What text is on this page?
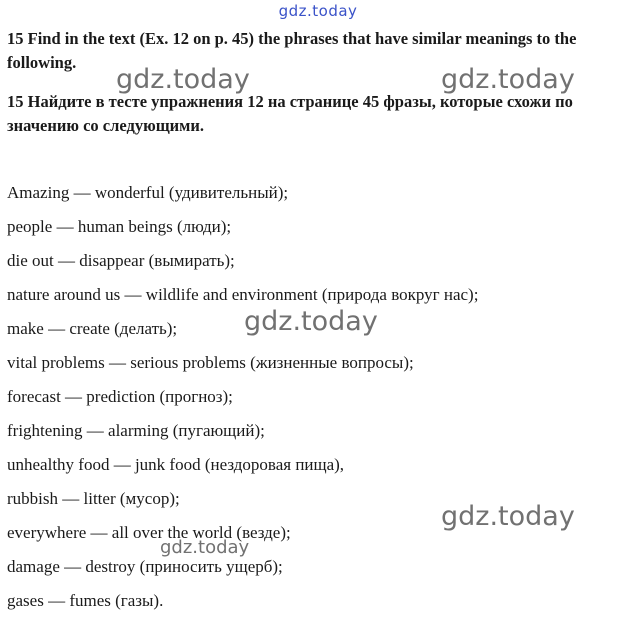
gdz.today
15 Find in the text (Ex. 12 on p. 45) the phrases that have similar meanings to the following.
15 Найдите в тесте упражнения 12 на странице 45 фразы, которые схожи по значению со следующими.
Amazing — wonderful (удивительный);
people — human beings (люди);
die out — disappear (вымирать);
nature around us — wildlife and environment (природа вокруг нас);
make — create (делать);
vital problems — serious problems (жизненные вопросы);
forecast — prediction (прогноз);
frightening — alarming (пугающий);
unhealthy food — junk food (нездоровая пища),
rubbish — litter (мусор);
everywhere — all over the world (везде);
damage — destroy (приносить ущерб);
gases — fumes (газы).
gdz.today	gdz.today
gdz.today
gdz.today
gdz.today
